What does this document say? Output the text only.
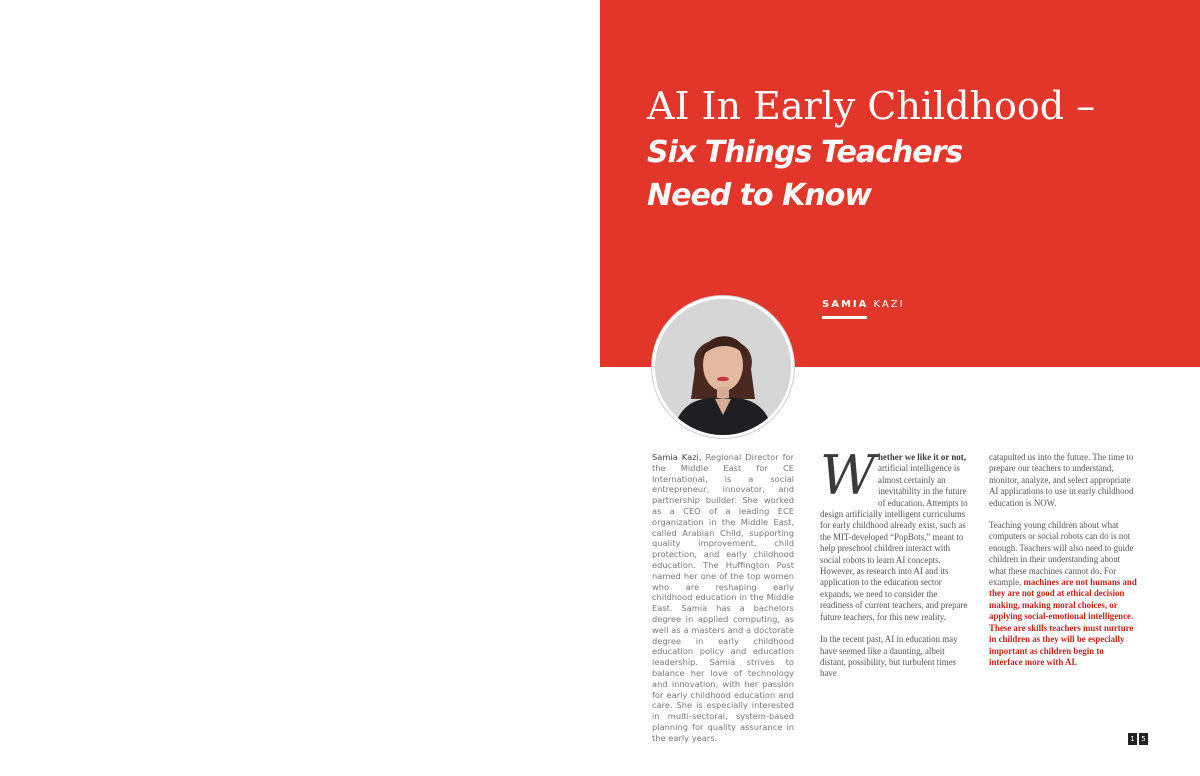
AI In Early Childhood –
Six Things Teachers
Need to Know
SAMIA KAZI
Samia Kazi, Regional Director for the Middle East for CE International, is a social entrepreneur, innovator, and partnership builder. She worked as a CEO of a leading ECE organization in the Middle East, called Arabian Child, supporting quality improvement, child protection, and early childhood education. The Huffington Post named her one of the top women who are reshaping early childhood education in the Middle East. Samia has a bachelors degree in applied computing, as well as a masters and a doctorate degree in early childhood education policy and education leadership. Samia strives to balance her love of technology and innovation, with her passion for early childhood education and care. She is especially interested in multi-sectoral, system-based planning for quality assurance in the early years.

W hether we like it or not, artificial intelligence is almost certainly an inevitability in the future of education. Attempts to design artificially intelligent curriculums for early childhood already exist, such as the MIT-developed “PopBots,” meant to help preschool children interact with social robots to learn AI concepts. However, as research into AI and its application to the education sector expands, we need to consider the readiness of current teachers, and prepare future teachers, for this new reality.

In the recent past, AI in education may have seemed like a daunting, albeit distant, possibility, but turbulent times have

catapulted us into the future. The time to prepare our teachers to understand, monitor, analyze, and select appropriate AI applications to use in early childhood education is NOW.

Teaching young children about what computers or social robots can do is not enough. Teachers will also need to guide children in their understanding about what these machines cannot do. For example, machines are not humans and they are not good at ethical decision making, making moral choices, or applying social-emotional intelligence. These are skills teachers must nurture in children as they will be especially important as children begin to interface more with AI.

1 5
